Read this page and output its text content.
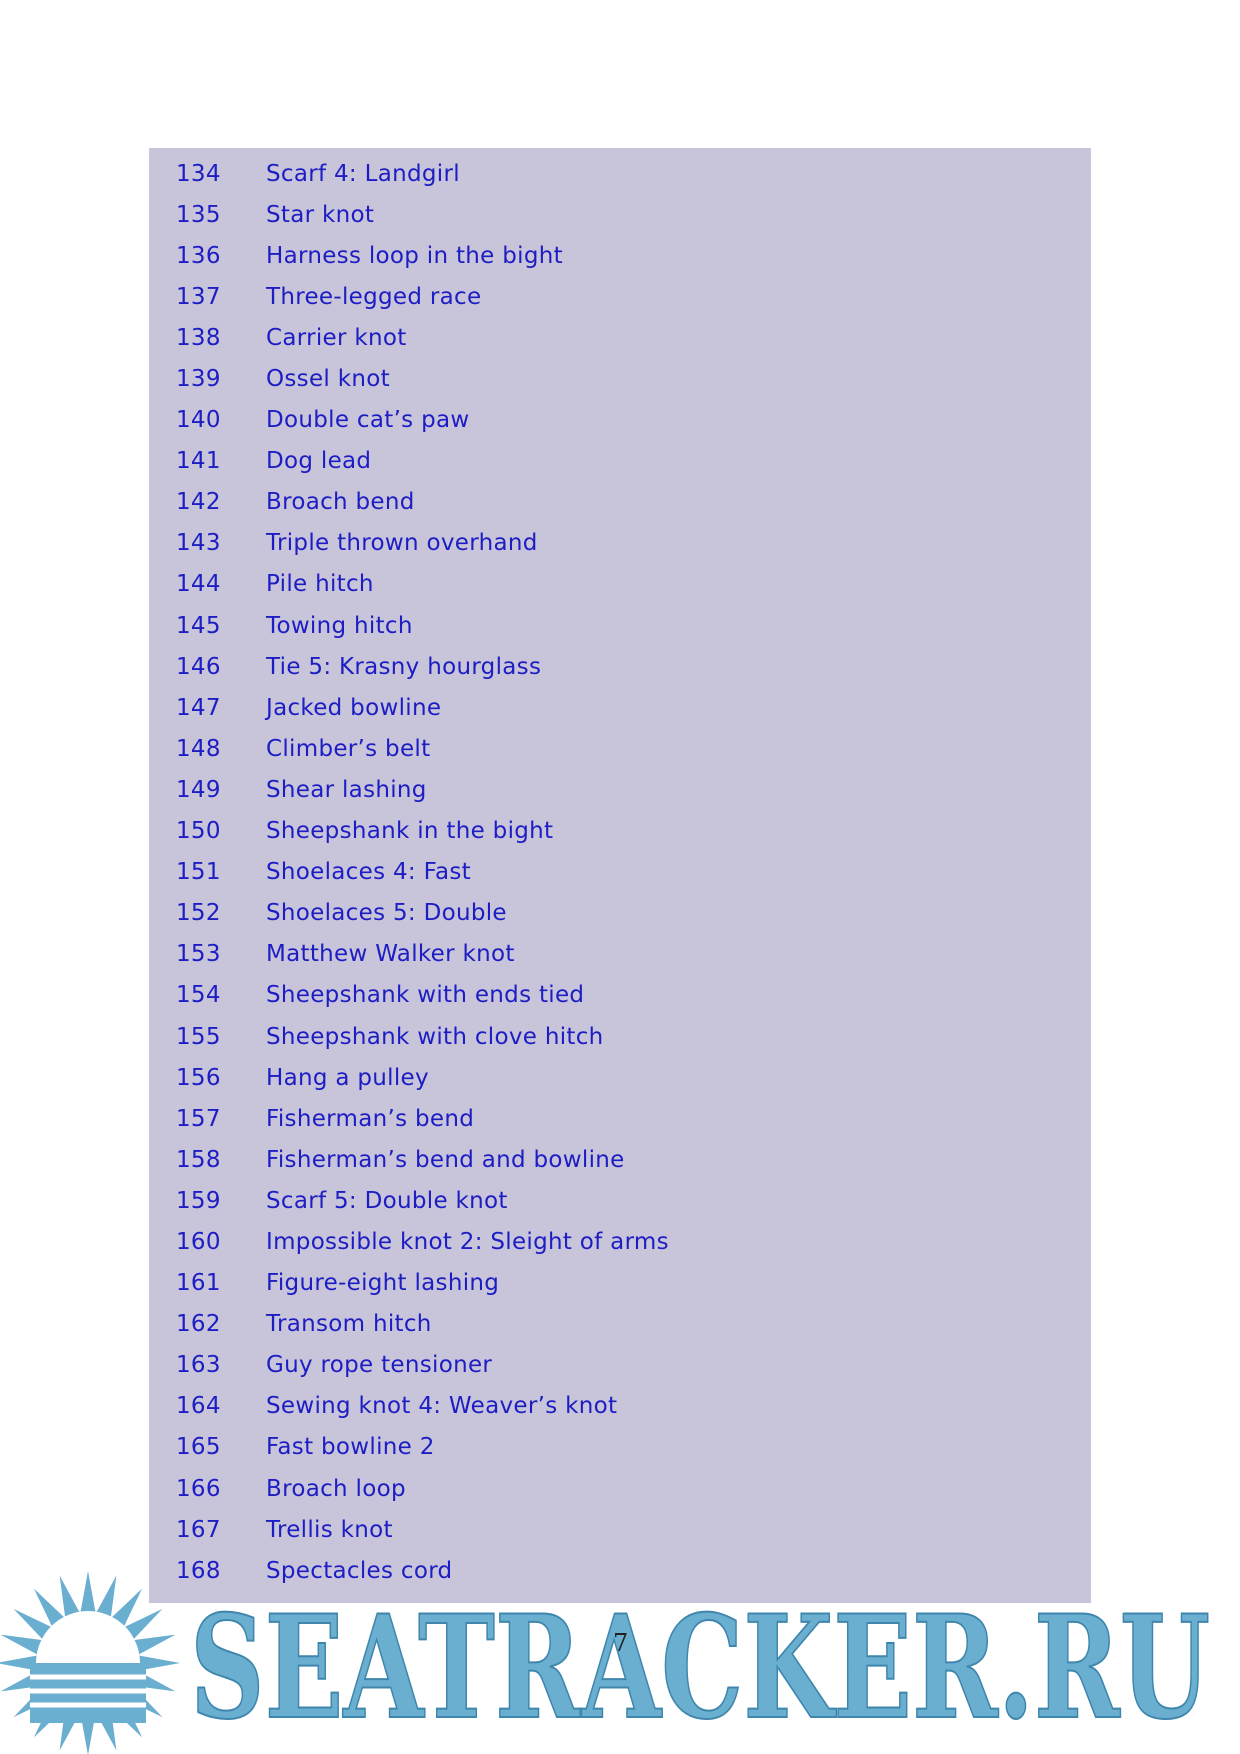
134	Scarf 4: Landgirl
135	Star knot
136	Harness loop in the bight
137	Three-legged race
138	Carrier knot
139	Ossel knot
140	Double cat’s paw
141	Dog lead
142	Broach bend
143	Triple thrown overhand
144	Pile hitch
145	Towing hitch
146	Tie 5: Krasny hourglass
147	Jacked bowline
148	Climber’s belt
149	Shear lashing
150	Sheepshank in the bight
151	Shoelaces 4: Fast
152	Shoelaces 5: Double
153	Matthew Walker knot
154	Sheepshank with ends tied
155	Sheepshank with clove hitch
156	Hang a pulley
157	Fisherman’s bend
158	Fisherman’s bend and bowline
159	Scarf 5: Double knot
160	Impossible knot 2: Sleight of arms
161	Figure-eight lashing
162	Transom hitch
163	Guy rope tensioner
164	Sewing knot 4: Weaver’s knot
165	Fast bowline 2
166	Broach loop
167	Trellis knot
168	Spectacles cord
SEATRACKER.RU
7
